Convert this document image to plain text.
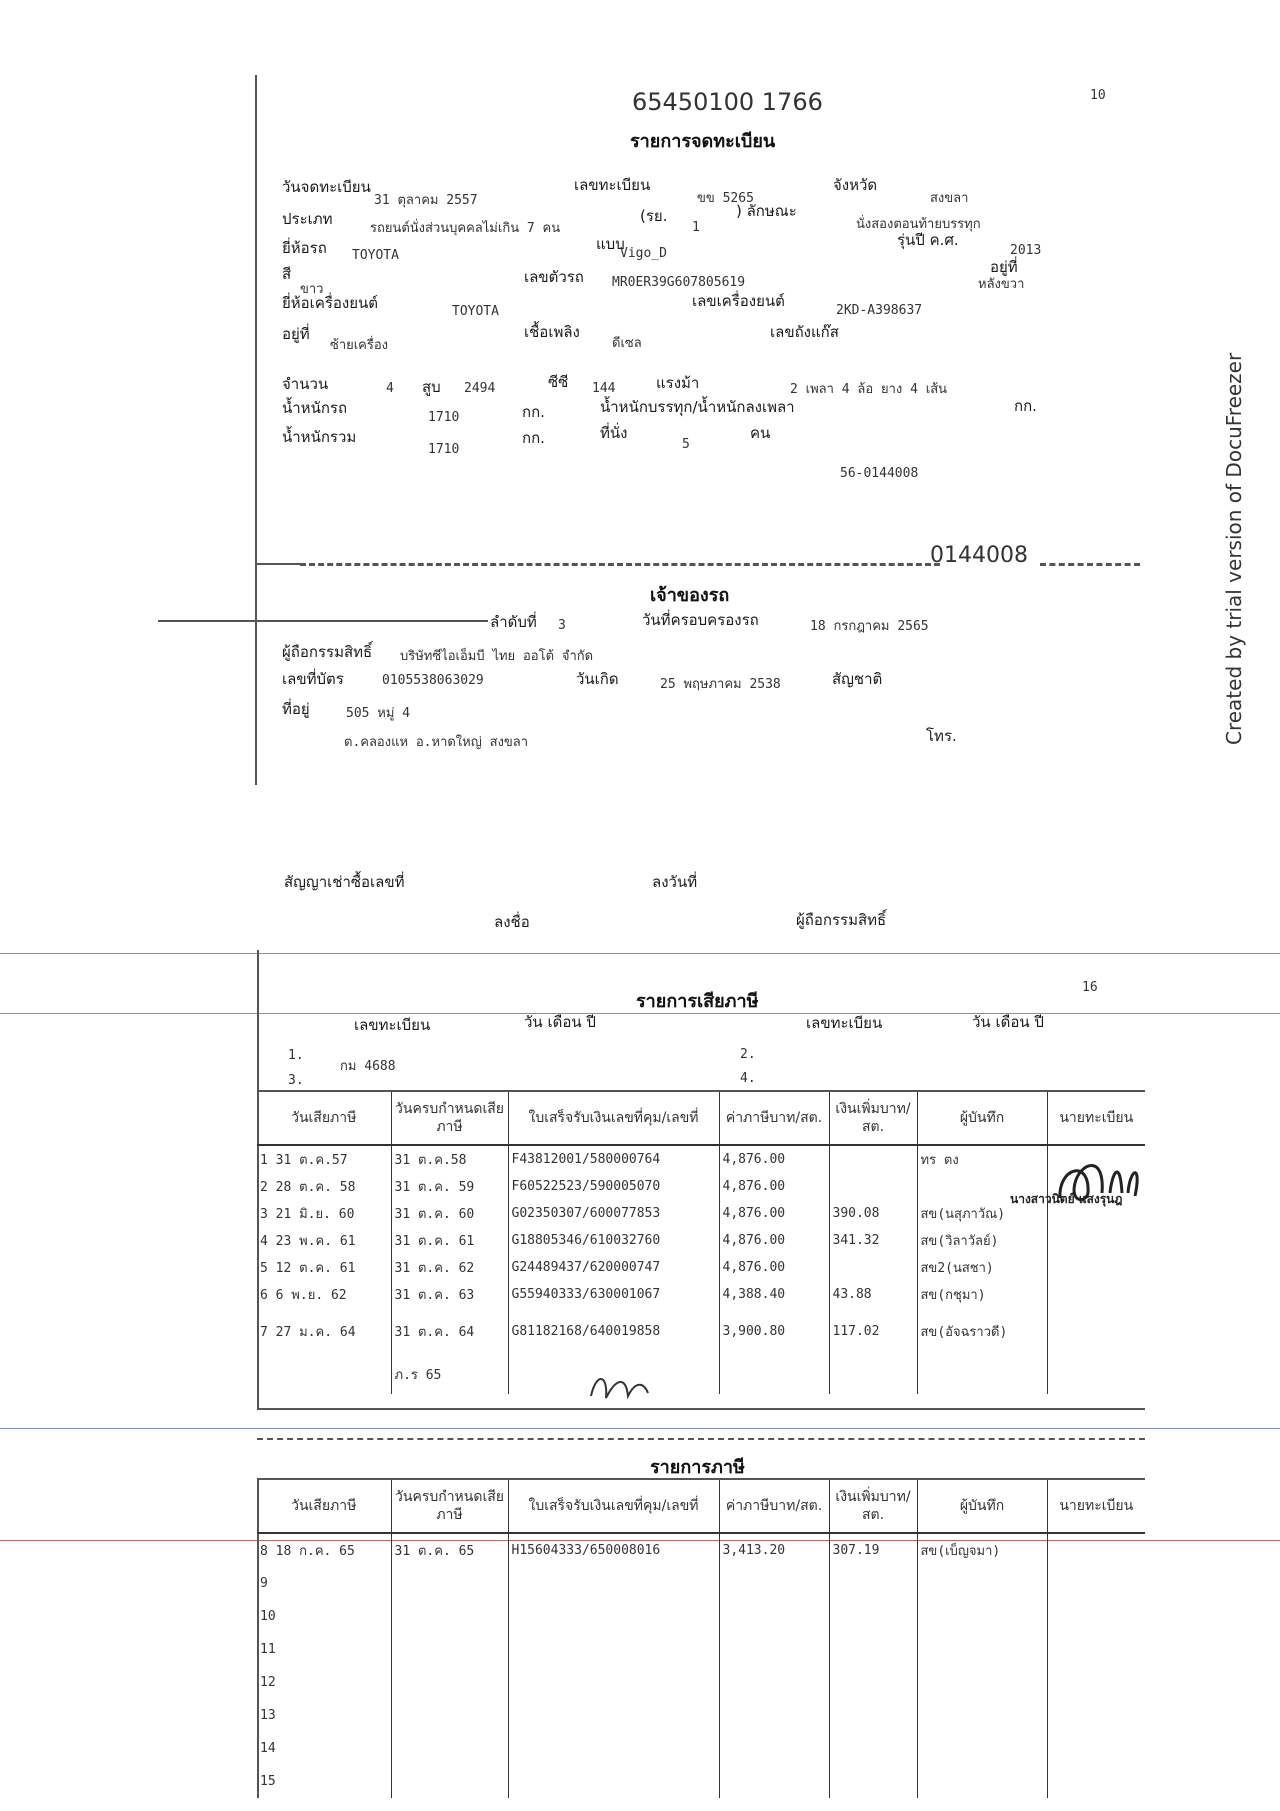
65450100 1766	10
รายการจดทะเบียน
วันจดทะเบียน
31 ตุลาคม 2557
เลขทะเบียน
ขข 5265
จังหวัด
สงขลา
ประเภท
รถยนต์นั่งส่วนบุคคลไม่เกิน 7 คน
(รย.
1
) ลักษณะ
นั่งสองตอนท้ายบรรทุก
ยี่ห้อรถ TOYOTA
แบบ
Vigo_D
รุ่นปี ค.ศ.
2013
สี
ขาว
เลขตัวรถ MR0ER39G607805619
อยู่ที่
หลังขวา
ยี่ห้อเครื่องยนต์	TOYOTA
เลขเครื่องยนต์
2KD-A398637
อยู่ที่
ซ้ายเครื่อง
เชื้อเพลิง
ดีเซล
เลขถังแก๊ส
จำนวน	4 สูบ 2494	ซีซี 144	แรงม้า	2 เพลา 4 ล้อ ยาง 4 เส้น
น้ำหนักรถ
1710	กก.	น้ำหนักบรรทุก/น้ำหนักลงเพลา	กก.
น้ำหนักรวม
1710
กก.	ที่นั่ง
5
คน
56-0144008
0144008
เจ้าของรถ
ลำดับที่ 3	วันที่ครอบครองรถ	18 กรกฎาคม 2565
ผู้ถือกรรมสิทธิ์ บริษัทซีไอเอ็มบี ไทย ออโต้ จำกัด
เลขที่บัตร	0105538063029	วันเกิด	25 พฤษภาคม 2538	สัญชาติ
ที่อยู่	505 หมู่ 4
ต.คลองแห อ.หาดใหญ่ สงขลา	โทร.
สัญญาเช่าซื้อเลขที่	ลงวันที่
ลงชื่อ	ผู้ถือกรรมสิทธิ์
รายการเสียภาษี
16
เลขทะเบียน	วัน เดือน ปี	เลขทะเบียน	วัน เดือน ปี
1.
กม 4688
2.
3.	4.
วันเสียภาษี	วันครบกำหนดเสียภาษี	ใบเสร็จรับเงินเลขที่คุม/เลขที่	ค่าภาษีบาท/สต.	เงินเพิ่มบาท/สต.	ผู้บันทึก	นายทะเบียน
1 31 ต.ค.57	31 ต.ค.58	F43812001/580000764	4,876.00		ทร ตง	
2 28 ต.ค. 58	31 ต.ค. 59	F60522523/590005070	4,876.00			
3 21 มิ.ย. 60	31 ต.ค. 60	G02350307/600077853	4,876.00	390.08	สข(นสุภาวัณ)	
4 23 พ.ค. 61	31 ต.ค. 61	G18805346/610032760	4,876.00	341.32	สข(วิลาวัลย์)	
5 12 ต.ค. 61	31 ต.ค. 62	G24489437/620000747	4,876.00		สข2(นสชา)	
6 6 พ.ย. 62	31 ต.ค. 63	G55940333/630001067	4,388.40	43.88	สข(กชุมา)	
7 27 ม.ค. 64	31 ต.ค. 64	G81182168/640019858	3,900.80	117.02	สข(อัจฉราวดี)	
	ภ.ร 65					
นางสาวนิตย์ แสงรุนฎ
รายการภาษี
วันเสียภาษี	วันครบกำหนดเสียภาษี	ใบเสร็จรับเงินเลขที่คุม/เลขที่	ค่าภาษีบาท/สต.	เงินเพิ่มบาท/สต.	ผู้บันทึก	นายทะเบียน
8 18 ก.ค. 65	31 ต.ค. 65	H15604333/650008016	3,413.20	307.19	สข(เบ็ญจมา)	
9						
10						
11						
12						
13						
14						
15						
Created by trial version of DocuFreezer
